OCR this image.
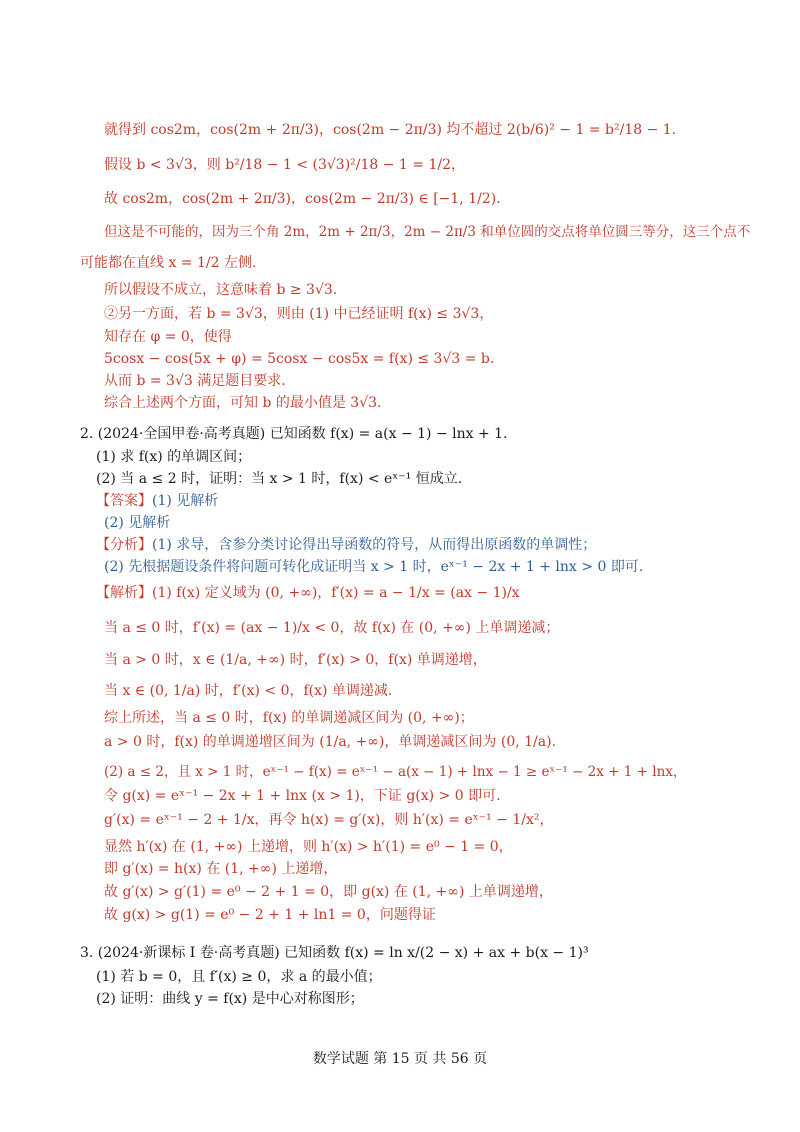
就得到 cos2m，cos(2m + 2π/3)，cos(2m − 2π/3) 均不超过 2(b/6)² − 1 = b²/18 − 1.
假设 b < 3√3，则 b²/18 − 1 < (3√3)²/18 − 1 = 1/2，
故 cos2m，cos(2m + 2π/3)，cos(2m − 2π/3) ∈ [−1, 1/2).
但这是不可能的，因为三个角 2m，2m + 2π/3，2m − 2π/3 和单位圆的交点将单位圆三等分，这三个点不
可能都在直线 x = 1/2 左侧.
所以假设不成立，这意味着 b ≥ 3√3.
②另一方面，若 b = 3√3，则由 (1) 中已经证明 f(x) ≤ 3√3，
知存在 φ = 0，使得
5cosx − cos(5x + φ) = 5cosx − cos5x = f(x) ≤ 3√3 = b.
从而 b = 3√3 满足题目要求.
综合上述两个方面，可知 b 的最小值是 3√3.
2. (2024·全国甲卷·高考真题) 已知函数 f(x) = a(x − 1) − lnx + 1.
(1) 求 f(x) 的单调区间；
(2) 当 a ≤ 2 时，证明：当 x > 1 时，f(x) < eˣ⁻¹ 恒成立.
【答案】(1) 见解析
(2) 见解析
【分析】(1) 求导，含参分类讨论得出导函数的符号，从而得出原函数的单调性；
(2) 先根据题设条件将问题可转化成证明当 x > 1 时，eˣ⁻¹ − 2x + 1 + lnx > 0 即可.
【解析】(1) f(x) 定义域为 (0, +∞)，f′(x) = a − 1/x = (ax − 1)/x
当 a ≤ 0 时，f′(x) = (ax − 1)/x < 0，故 f(x) 在 (0, +∞) 上单调递减；
当 a > 0 时，x ∈ (1/a, +∞) 时，f′(x) > 0，f(x) 单调递增，
当 x ∈ (0, 1/a) 时，f′(x) < 0，f(x) 单调递减.
综上所述，当 a ≤ 0 时，f(x) 的单调递减区间为 (0, +∞)；
a > 0 时，f(x) 的单调递增区间为 (1/a, +∞)，单调递减区间为 (0, 1/a).
(2) a ≤ 2，且 x > 1 时，eˣ⁻¹ − f(x) = eˣ⁻¹ − a(x − 1) + lnx − 1 ≥ eˣ⁻¹ − 2x + 1 + lnx，
令 g(x) = eˣ⁻¹ − 2x + 1 + lnx (x > 1)，下证 g(x) > 0 即可.
g′(x) = eˣ⁻¹ − 2 + 1/x，再令 h(x) = g′(x)，则 h′(x) = eˣ⁻¹ − 1/x²，
显然 h′(x) 在 (1, +∞) 上递增，则 h′(x) > h′(1) = e⁰ − 1 = 0，
即 g′(x) = h(x) 在 (1, +∞) 上递增，
故 g′(x) > g′(1) = e⁰ − 2 + 1 = 0，即 g(x) 在 (1, +∞) 上单调递增，
故 g(x) > g(1) = e⁰ − 2 + 1 + ln1 = 0，问题得证
3. (2024·新课标 Ⅰ 卷·高考真题) 已知函数 f(x) = ln x/(2 − x) + ax + b(x − 1)³
(1) 若 b = 0，且 f′(x) ≥ 0，求 a 的最小值；
(2) 证明：曲线 y = f(x) 是中心对称图形；
数学试题 第 15 页 共 56 页
